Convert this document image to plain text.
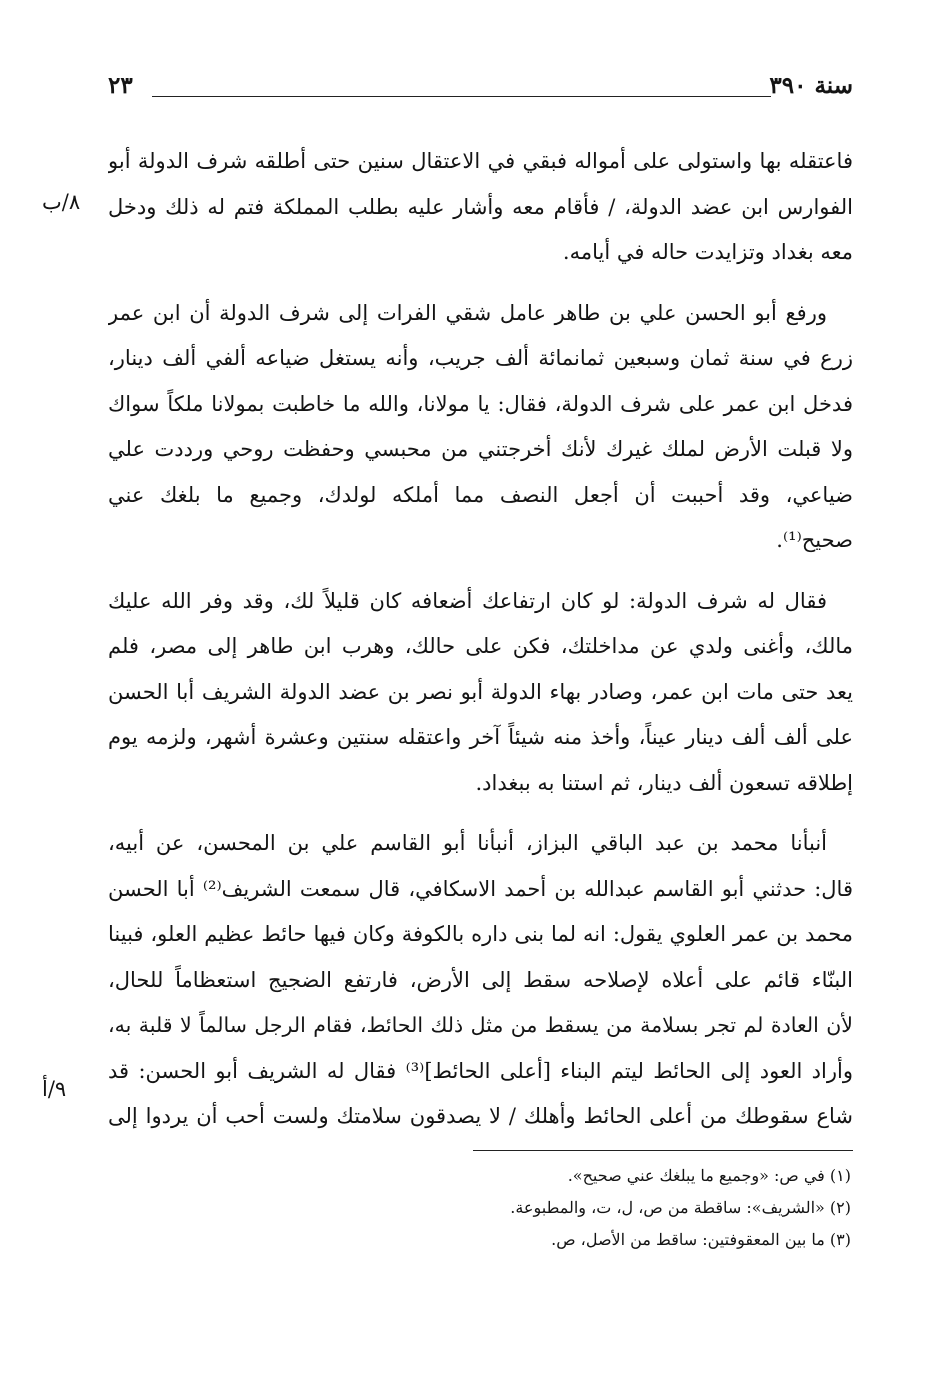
سنة ٣٩٠
٢٣
٨/ب
٩/أ
فاعتقله بها واستولى على أمواله فبقي في الاعتقال سنين حتى أطلقه شرف الدولة أبو
الفوارس ابن عضد الدولة، / فأقام معه وأشار عليه بطلب المملكة فتم له ذلك ودخل
معه بغداد وتزايدت حاله في أيامه.
ورفع أبو الحسن علي بن طاهر عامل شقي الفرات إلى شرف الدولة أن ابن عمر
زرع في سنة ثمان وسبعين ثمانمائة ألف جريب، وأنه يستغل ضياعه ألفي ألف دينار،
فدخل ابن عمر على شرف الدولة، فقال: يا مولانا، والله ما خاطبت بمولانا ملكاً سواك
ولا قبلت الأرض لملك غيرك لأنك أخرجتني من محبسي وحفظت روحي ورددت علي
ضياعي، وقد أحببت أن أجعل النصف مما أملكه لولدك، وجميع ما بلغك عني
صحيح⁽¹⁾.
فقال له شرف الدولة: لو كان ارتفاعك أضعافه كان قليلاً لك، وقد وفر الله عليك
مالك، وأغنى ولدي عن مداخلتك، فكن على حالك، وهرب ابن طاهر إلى مصر، فلم
يعد حتى مات ابن عمر، وصادر بهاء الدولة أبو نصر بن عضد الدولة الشريف أبا الحسن
على ألف ألف دينار عيناً، وأخذ منه شيئاً آخر واعتقله سنتين وعشرة أشهر، ولزمه يوم
إطلاقه تسعون ألف دينار، ثم استنا به ببغداد.
أنبأنا محمد بن عبد الباقي البزاز، أنبأنا أبو القاسم علي بن المحسن، عن أبيه،
قال: حدثني أبو القاسم عبدالله بن أحمد الاسكافي، قال سمعت الشريف⁽²⁾ أبا الحسن
محمد بن عمر العلوي يقول: انه لما بنى داره بالكوفة وكان فيها حائط عظيم العلو، فبينا
البنّاء قائم على أعلاه لإصلاحه سقط إلى الأرض، فارتفع الضجيج استعظاماً للحال،
لأن العادة لم تجر بسلامة من يسقط من مثل ذلك الحائط، فقام الرجل سالماً لا قلبة به،
وأراد العود إلى الحائط ليتم البناء [أعلى الحائط]⁽³⁾ فقال له الشريف أبو الحسن: قد
شاع سقوطك من أعلى الحائط وأهلك / لا يصدقون سلامتك ولست أحب أن يردوا إلى
(١) في ص: «وجميع ما يبلغك عني صحيح».
(٢) «الشريف»: ساقطة من ص، ل، ت، والمطبوعة.
(٣) ما بين المعقوفتين: ساقط من الأصل، ص.
